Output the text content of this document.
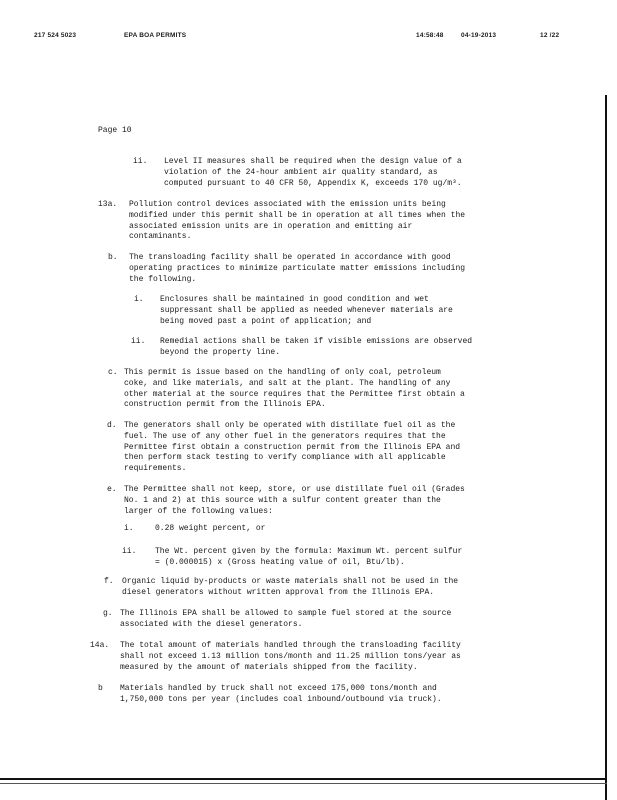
217 524 5023	EPA BOA PERMITS	14:58:48	04-19-2013	12 /22
Page 10
ii. Level II measures shall be required when the design value of a
violation of the 24-hour ambient air quality standard, as
computed pursuant to 40 CFR 50, Appendix K, exceeds 170 ug/m³.
13a. Pollution control devices associated with the emission units being
modified under this permit shall be in operation at all times when the
associated emission units are in operation and emitting air
contaminants.
b. The transloading facility shall be operated in accordance with good
operating practices to minimize particulate matter emissions including
the following.
i. Enclosures shall be maintained in good condition and wet
suppressant shall be applied as needed whenever materials are
being moved past a point of application; and
ii. Remedial actions shall be taken if visible emissions are observed
beyond the property line.
c. This permit is issue based on the handling of only coal, petroleum
coke, and like materials, and salt at the plant. The handling of any
other material at the source requires that the Permittee first obtain a
construction permit from the Illinois EPA.
d. The generators shall only be operated with distillate fuel oil as the
fuel. The use of any other fuel in the generators requires that the
Permittee first obtain a construction permit from the Illinois EPA and
then perform stack testing to verify compliance with all applicable
requirements.
e. The Permittee shall not keep, store, or use distillate fuel oil (Grades
No. 1 and 2) at this source with a sulfur content greater than the
larger of the following values:
i.	0.28 weight percent, or
ii. The Wt. percent given by the formula: Maximum Wt. percent sulfur
= (0.000015) x (Gross heating value of oil, Btu/lb).
f. Organic liquid by-products or waste materials shall not be used in the
diesel generators without written approval from the Illinois EPA.
g. The Illinois EPA shall be allowed to sample fuel stored at the source
associated with the diesel generators.
14a. The total amount of materials handled through the transloading facility
shall not exceed 1.13 million tons/month and 11.25 million tons/year as
measured by the amount of materials shipped from the facility.
b Materials handled by truck shall not exceed 175,000 tons/month and
1,750,000 tons per year (includes coal inbound/outbound via truck).
